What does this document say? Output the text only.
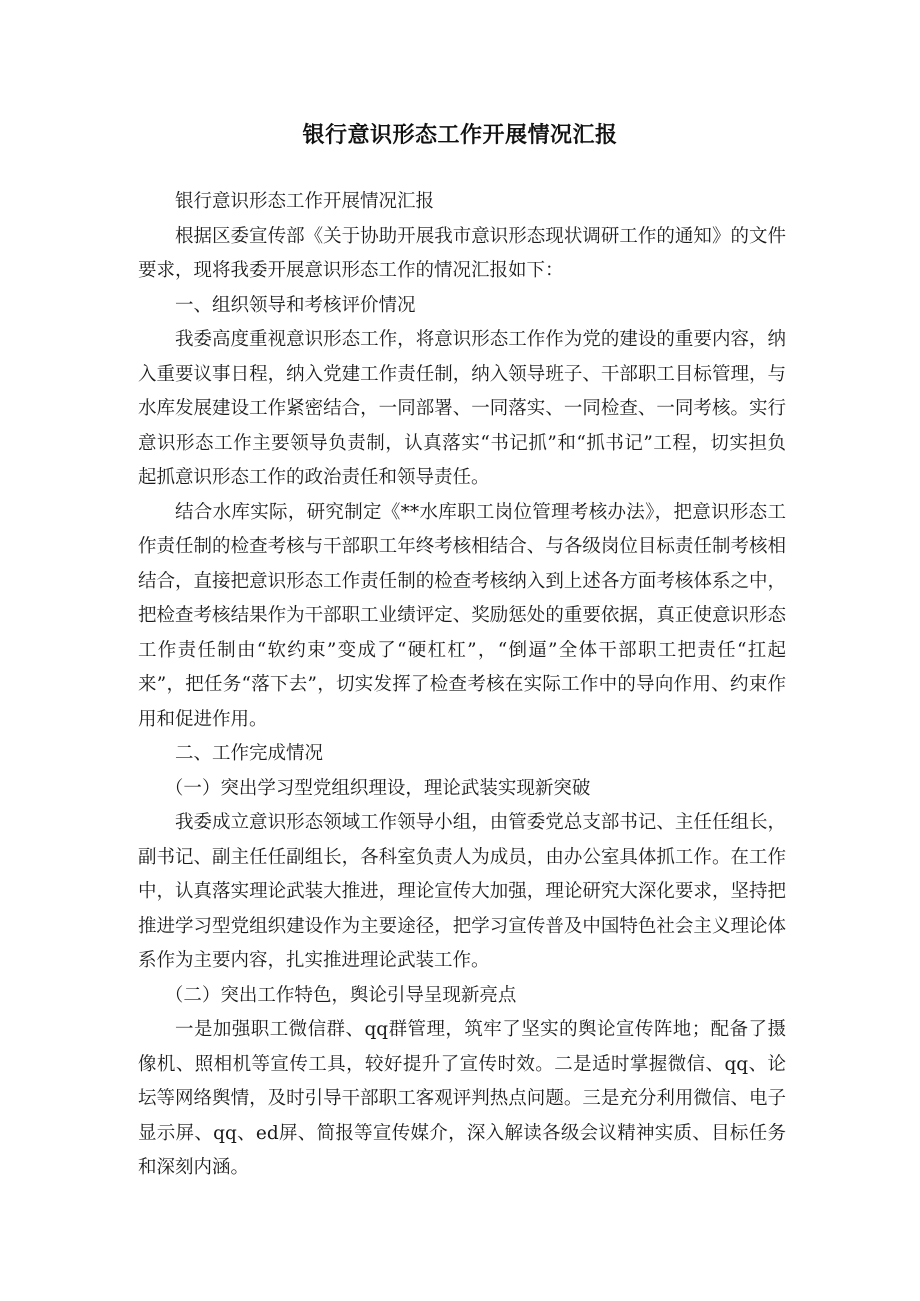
银行意识形态工作开展情况汇报

银行意识形态工作开展情况汇报

根据区委宣传部《关于协助开展我市意识形态现状调研工作的通知》的文件要求，现将我委开展意识形态工作的情况汇报如下：

一、组织领导和考核评价情况

我委高度重视意识形态工作，将意识形态工作作为党的建设的重要内容，纳入重要议事日程，纳入党建工作责任制，纳入领导班子、干部职工目标管理，与水库发展建设工作紧密结合，一同部署、一同落实、一同检查、一同考核。实行意识形态工作主要领导负责制，认真落实“书记抓”和“抓书记”工程，切实担负起抓意识形态工作的政治责任和领导责任。

结合水库实际，研究制定《**水库职工岗位管理考核办法》，把意识形态工作责任制的检查考核与干部职工年终考核相结合、与各级岗位目标责任制考核相结合，直接把意识形态工作责任制的检查考核纳入到上述各方面考核体系之中，把检查考核结果作为干部职工业绩评定、奖励惩处的重要依据，真正使意识形态工作责任制由“软约束”变成了“硬杠杠”，“倒逼”全体干部职工把责任“扛起来”，把任务“落下去”，切实发挥了检查考核在实际工作中的导向作用、约束作用和促进作用。

二、工作完成情况

（一）突出学习型党组织理设，理论武装实现新突破

我委成立意识形态领域工作领导小组，由管委党总支部书记、主任任组长，副书记、副主任任副组长，各科室负责人为成员，由办公室具体抓工作。在工作中，认真落实理论武装大推进，理论宣传大加强，理论研究大深化要求，坚持把推进学习型党组织建设作为主要途径，把学习宣传普及中国特色社会主义理论体系作为主要内容，扎实推进理论武装工作。

（二）突出工作特色，舆论引导呈现新亮点

一是加强职工微信群、qq群管理，筑牢了坚实的舆论宣传阵地；配备了摄像机、照相机等宣传工具，较好提升了宣传时效。二是适时掌握微信、qq、论坛等网络舆情，及时引导干部职工客观评判热点问题。三是充分利用微信、电子显示屏、qq、ed屏、简报等宣传媒介，深入解读各级会议精神实质、目标任务和深刻内涵。
